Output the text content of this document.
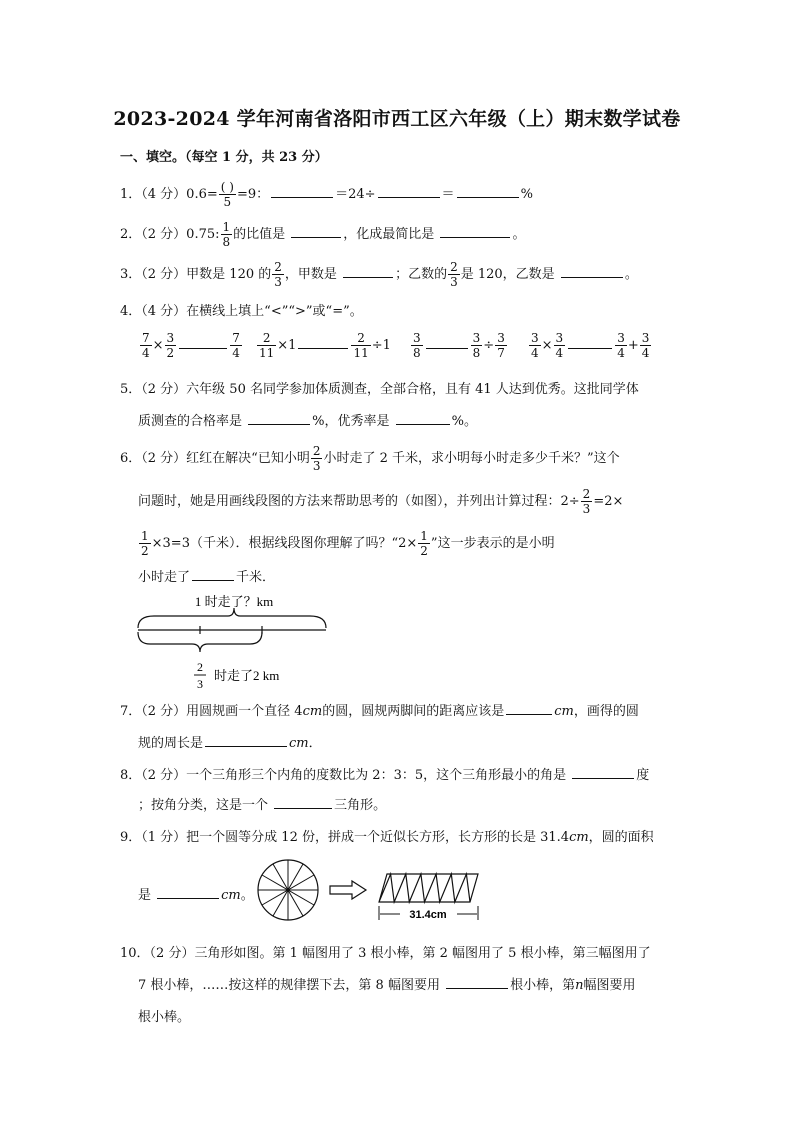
2023-2024 学年河南省洛阳市西工区六年级（上）期末数学试卷
一、填空。（每空 1 分，共 23 分）
1．（4 分）$0.6= \frac{( )}{5} =9$：	＝24÷	＝	%
2．（2 分）0.75: $\frac{1}{8}$ 的比值是	，化成最简比是	。
3．（2 分）甲数是 120 的 $\frac{2}{3}$ ，甲数是	；乙数的 $\frac{2}{3}$ 是 120，乙数是	。
4．（4 分）在横线上填上“<”“>”或“=”。
$\frac{7}{4} \times \frac{3}{2}$	$\frac{7}{4} \frac{2}{11} \times 1$	$\frac{2}{11} \div 1 \frac{3}{8}$	$\frac{3}{8} \div \frac{3}{7} \frac{3}{4} \times \frac{3}{4}$	$\frac{3}{4} + \frac{3}{4}$
5．（2 分）六年级 50 名同学参加体质测查，全部合格，且有 41 人达到优秀。这批同学体
质测查的合格率是	%，优秀率是	%。
6．（2 分）红红在解决“已知小明 $\frac{2}{3}$ 小时走了 2 千米，求小明每小时走多少千米？”这个
问题时，她是用画线段图的方法来帮助思考的（如图），并列出计算过程：$2\div \frac{2}{3} =2\times$
$\frac{1}{2} \times 3=3$（千米）．根据线段图你理解了吗？“$2\times \frac{1}{2}$ ”这一步表示的是小明
小时走了	千米．
1 时走了？km
2
3
时走了2 km
7．（2 分）用圆规画一个直径 4cm的圆，圆规两脚间的距离应该是	cm，画得的圆
规的周长是	cm．
8．（2 分）一个三角形三个内角的度数比为 2：3：5，这个三角形最小的角是	度
；按角分类，这是一个	三角形。
9．（1 分）把一个圆等分成 12 份，拼成一个近似长方形，长方形的长是 31.4cm，圆的面积
是	cm。
31.4cm
10．（2 分）三角形如图。第 1 幅图用了 3 根小棒，第 2 幅图用了 5 根小棒，第三幅图用了
7 根小棒，……按这样的规律摆下去，第 8 幅图要用	根小棒，第n幅图要用
根小棒。
